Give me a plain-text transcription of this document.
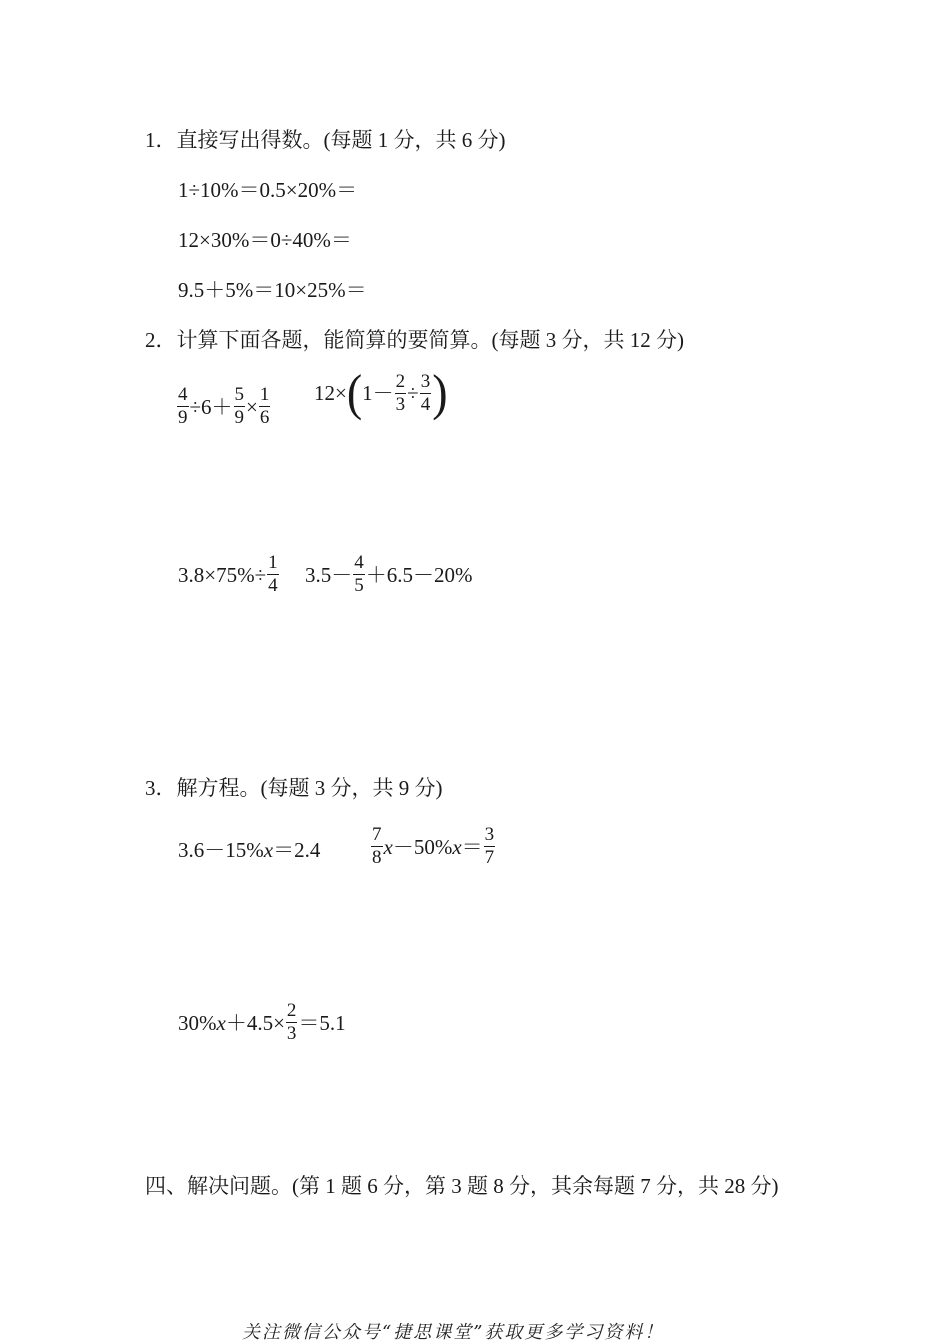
1．直接写出得数。(每题 1 分，共 6 分)
1÷10%＝0.5×20%＝
12×30%＝0÷40%＝
9.5＋5%＝10×25%＝
2．计算下面各题，能简算的要简算。(每题 3 分，共 12 分)
$\frac{4}{9} \div 6+ \frac{5}{9} \times \frac{1}{6} 12\times$ ( $1- \frac{2}{3} \div \frac{3}{4}$ )
$3.8\times 75\%\div \frac{1}{4} 3.5- \frac{4}{5} +6.5-20\%$
3．解方程。(每题 3 分，共 9 分)
3.6－15% x ＝2.4	$\frac{7}{8}$ x －50% $x = \frac{3}{7}$
30% $x +4.5\times \frac{2}{3} =5.1$
四、解决问题。(第 1 题 6 分，第 3 题 8 分，其余每题 7 分，共 28 分)
关注微信公众号“捷思课堂”获取更多学习资料！
